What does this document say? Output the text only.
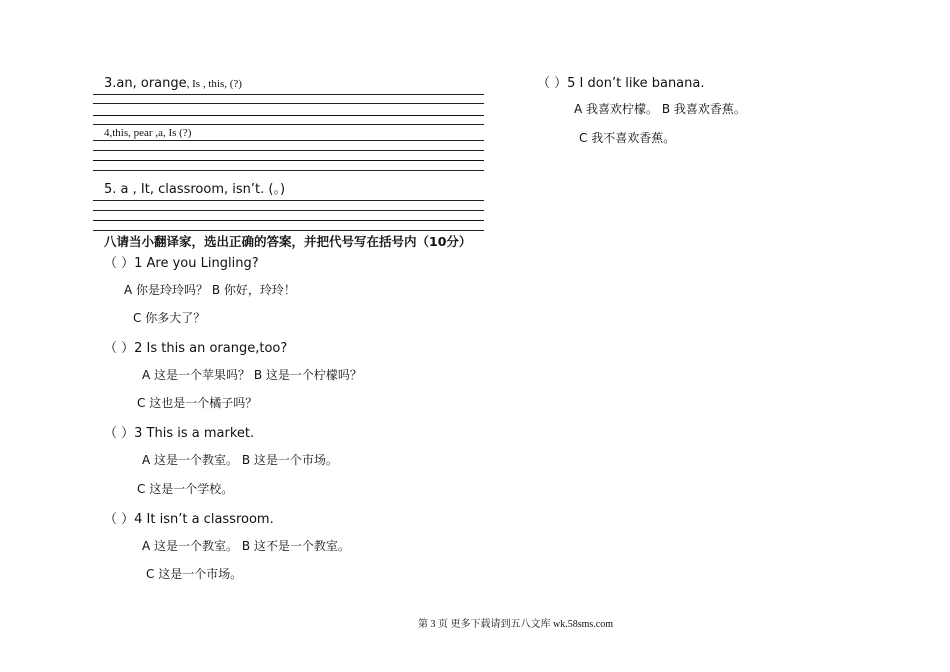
3.an, orange, Is , this, (?)
4,this, pear ,a, Is (?)
5. a , It, classroom, isn’t. (。)
八请当小翻译家，选出正确的答案，并把代号写在括号内（10分）
（ ）1 Are you Lingling?
A 你是玲玲吗？ B 你好，玲玲！
C 你多大了？
（ ）2 Is this an orange,too?
A 这是一个苹果吗？ B 这是一个柠檬吗？
C 这也是一个橘子吗？
（ ）3 This is a market.
A 这是一个教室。 B 这是一个市场。
C 这是一个学校。
（ ）4 It isn’t a classroom.
A 这是一个教室。 B 这不是一个教室。
C 这是一个市场。
（ ）5 I don’t like banana.
A 我喜欢柠檬。 B 我喜欢香蕉。
C 我不喜欢香蕉。
第 3 页 更多下载请到五八文库 wk.58sms.com
